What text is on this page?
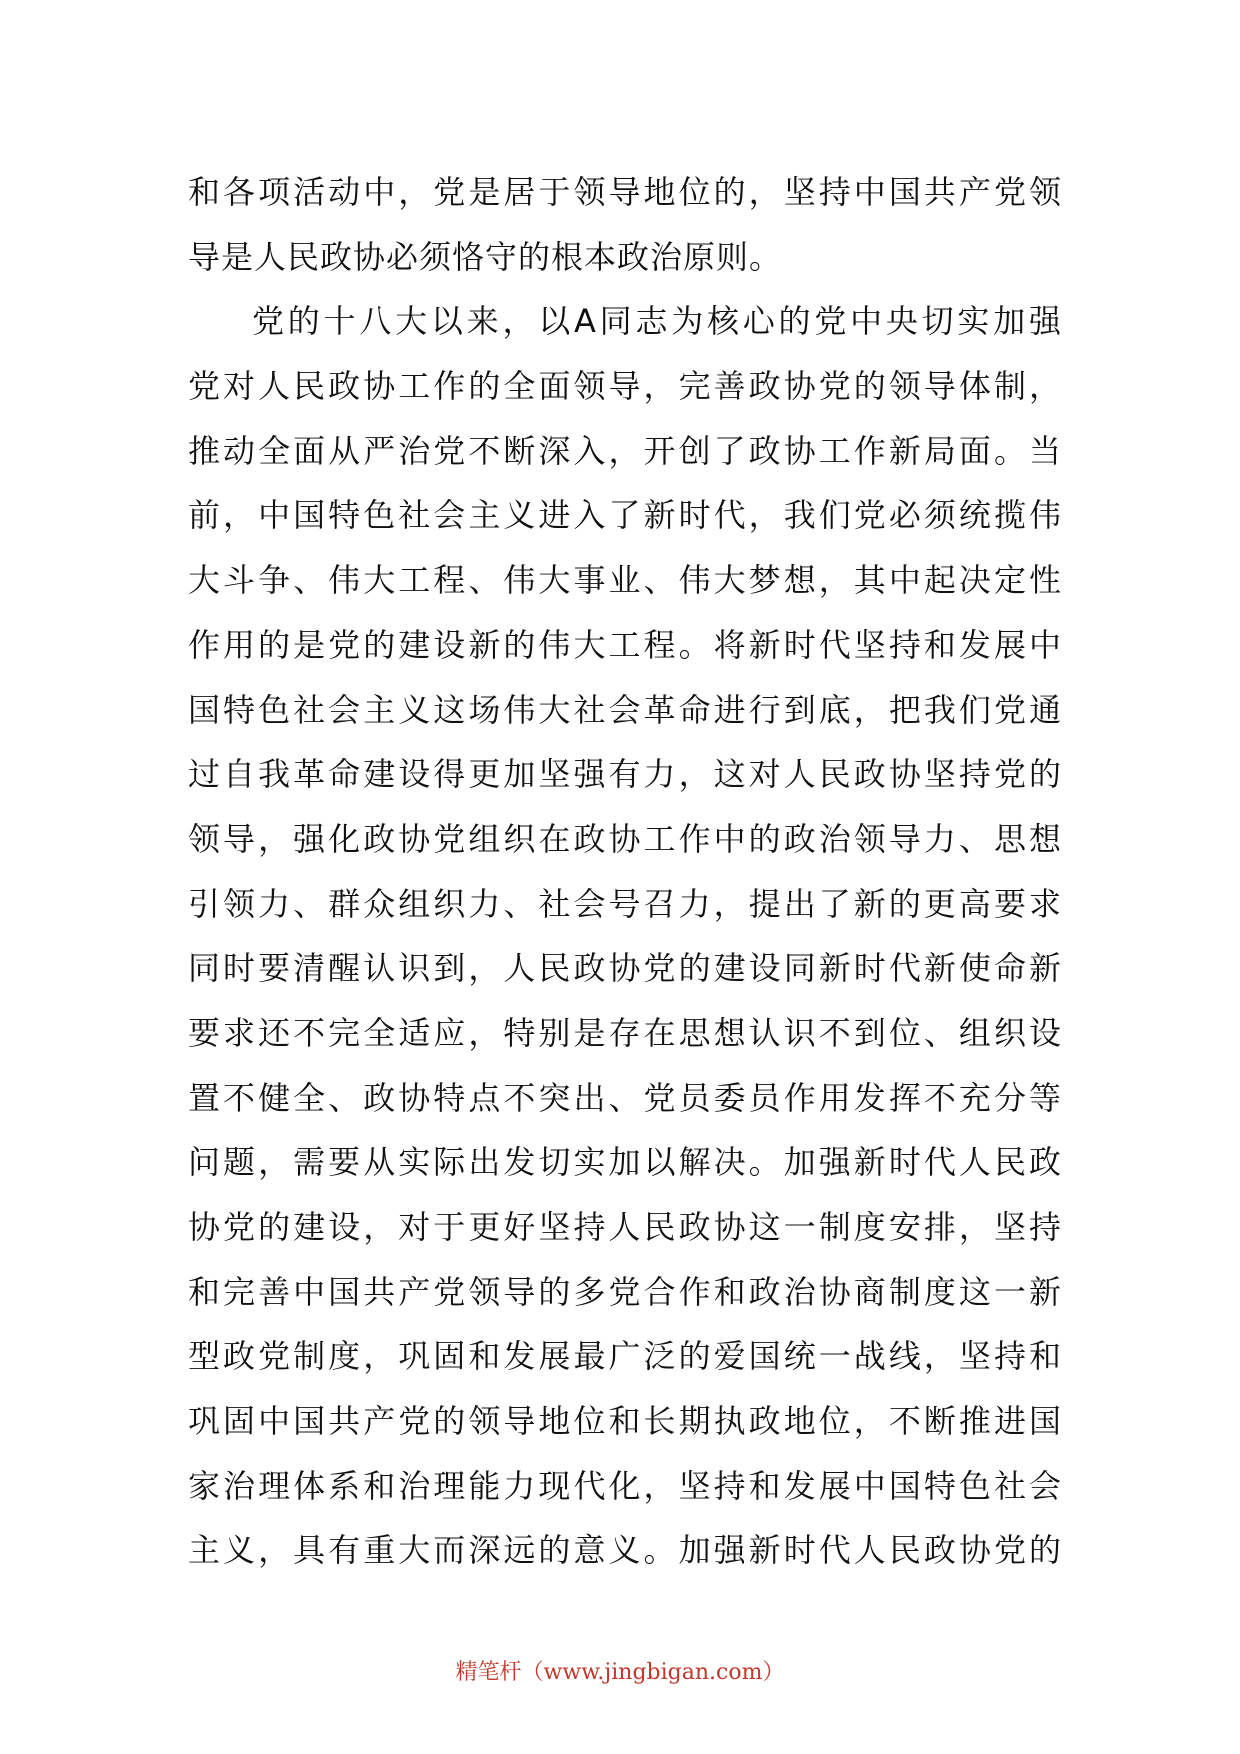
和各项活动中，党是居于领导地位的，坚持中国共产党领
导是人民政协必须恪守的根本政治原则。
党的十八大以来，以A同志为核心的党中央切实加强
党对人民政协工作的全面领导，完善政协党的领导体制，
推动全面从严治党不断深入，开创了政协工作新局面。当
前，中国特色社会主义进入了新时代，我们党必须统揽伟
大斗争、伟大工程、伟大事业、伟大梦想，其中起决定性
作用的是党的建设新的伟大工程。将新时代坚持和发展中
国特色社会主义这场伟大社会革命进行到底，把我们党通
过自我革命建设得更加坚强有力，这对人民政协坚持党的
领导，强化政协党组织在政协工作中的政治领导力、思想
引领力、群众组织力、社会号召力，提出了新的更高要求
同时要清醒认识到，人民政协党的建设同新时代新使命新
要求还不完全适应，特别是存在思想认识不到位、组织设
置不健全、政协特点不突出、党员委员作用发挥不充分等
问题，需要从实际出发切实加以解决。加强新时代人民政
协党的建设，对于更好坚持人民政协这一制度安排，坚持
和完善中国共产党领导的多党合作和政治协商制度这一新
型政党制度，巩固和发展最广泛的爱国统一战线，坚持和
巩固中国共产党的领导地位和长期执政地位，不断推进国
家治理体系和治理能力现代化，坚持和发展中国特色社会
主义，具有重大而深远的意义。加强新时代人民政协党的
精笔杆（www.jingbigan.com）
